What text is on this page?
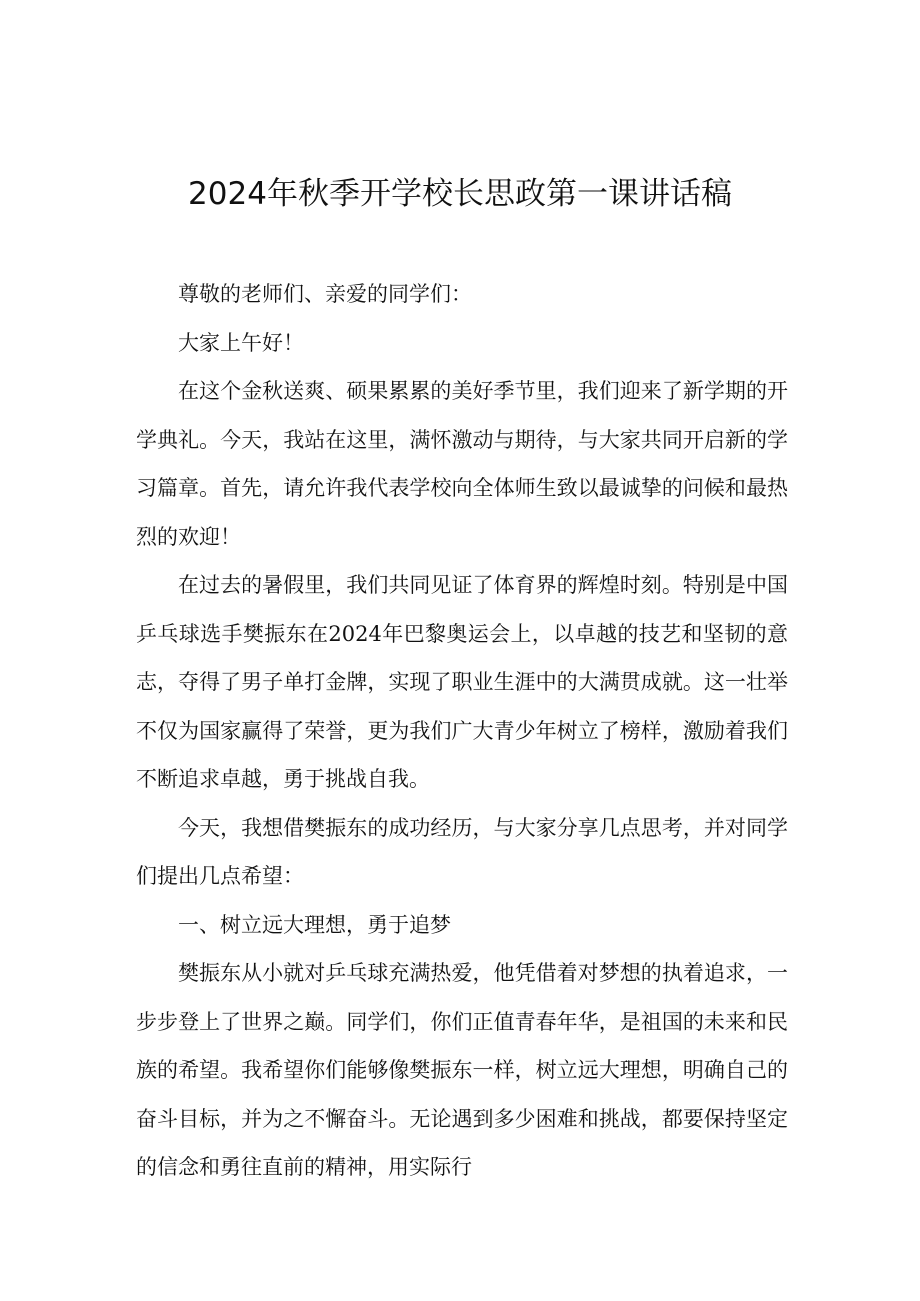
2024年秋季开学校长思政第一课讲话稿

尊敬的老师们、亲爱的同学们：

大家上午好！

在这个金秋送爽、硕果累累的美好季节里，我们迎来了新学期的开学典礼。今天，我站在这里，满怀激动与期待，与大家共同开启新的学习篇章。首先，请允许我代表学校向全体师生致以最诚挚的问候和最热烈的欢迎！

在过去的暑假里，我们共同见证了体育界的辉煌时刻。特别是中国乒乓球选手樊振东在2024年巴黎奥运会上，以卓越的技艺和坚韧的意志，夺得了男子单打金牌，实现了职业生涯中的大满贯成就。这一壮举不仅为国家赢得了荣誉，更为我们广大青少年树立了榜样，激励着我们不断追求卓越，勇于挑战自我。

今天，我想借樊振东的成功经历，与大家分享几点思考，并对同学们提出几点希望：

一、树立远大理想，勇于追梦

樊振东从小就对乒乓球充满热爱，他凭借着对梦想的执着追求，一步步登上了世界之巅。同学们，你们正值青春年华，是祖国的未来和民族的希望。我希望你们能够像樊振东一样，树立远大理想，明确自己的奋斗目标，并为之不懈奋斗。无论遇到多少困难和挑战，都要保持坚定的信念和勇往直前的精神，用实际行
